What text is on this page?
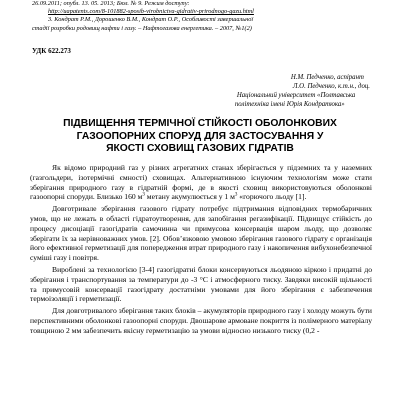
26.09.2011; опубл. 13. 05. 2013; Бюл. № 9. Режим доступу:

http://uapatents.com/8-101882-sposib-virobnictva-gidrativ-prirodnogo-gazu.html

3. Кондрат Р.М., Дорошенко В.М., Кондрат О.Р., Особливості завершальної

стадії розробки родовищ нафти і газу. – Нафтогазова енергетика. – 2007, №1(2)

УДК 622.273

Н.М. Педченко, аспірант

Л.О. Педченко, к.т.н., доц.

Національний університет «Полтавська

політехніка імені Юрія Кондратюка»

ПІДВИЩЕННЯ ТЕРМІЧНОЇ СТІЙКОСТІ ОБОЛОНКОВИХ
ГАЗООПОРНИХ СПОРУД ДЛЯ ЗАСТОСУВАННЯ У
ЯКОСТІ СХОВИЩ ГАЗОВИХ ГІДРАТІВ

Як відомо природний газ у різних агрегатних станах зберігається у підземних та у наземних (газгольдери, ізотермічні ємності) сховищах. Альтернативною існуючим технологіям може стати зберігання природного газу в гідратній формі, де в якості сховищ використовуються оболонкові газоопорні споруди. Близько 160 $м^3$ метану акумулюється у 1 $м^3$ «горючого льоду [1].

Довготривале зберігання газового гідрату потребує підтримання відповідних термобаричних умов, що не лежать в області гідратоутворення, для запобігання регазифікації. Підвищує стійкість до процесу дисоціації газогідратів самочинна чи примусова консервація шаром льоду, що дозволяє зберігати їх за нерівноважних умов. [2]. Обов’язковою умовою зберігання газового гідрату є організація його ефективної герметизації для попередження втрат природного газу і накопичення вибухонебезпечної суміші газу і повітря.

Вироблені за технологією [3-4] газогідратні блоки консервуються льодяною кіркою і придатні до зберігання і транспортування за температури до -3 °С і атмосферного тиску. Завдяки високій щільності та примусовій консервації газогідрату достатніми умовами для його зберігання є забезпечення термоізоляції і герметизації.

Для довготривалого зберігання таких блоків – акумуляторів природного газу і холоду можуть бути перспективними оболонкові газоопорні споруди. Двошарове армоване покриття із полімерного матеріалу товщиною 2 мм забезпечить якісну герметизацію за умови відносно низького тиску (0,2 -
